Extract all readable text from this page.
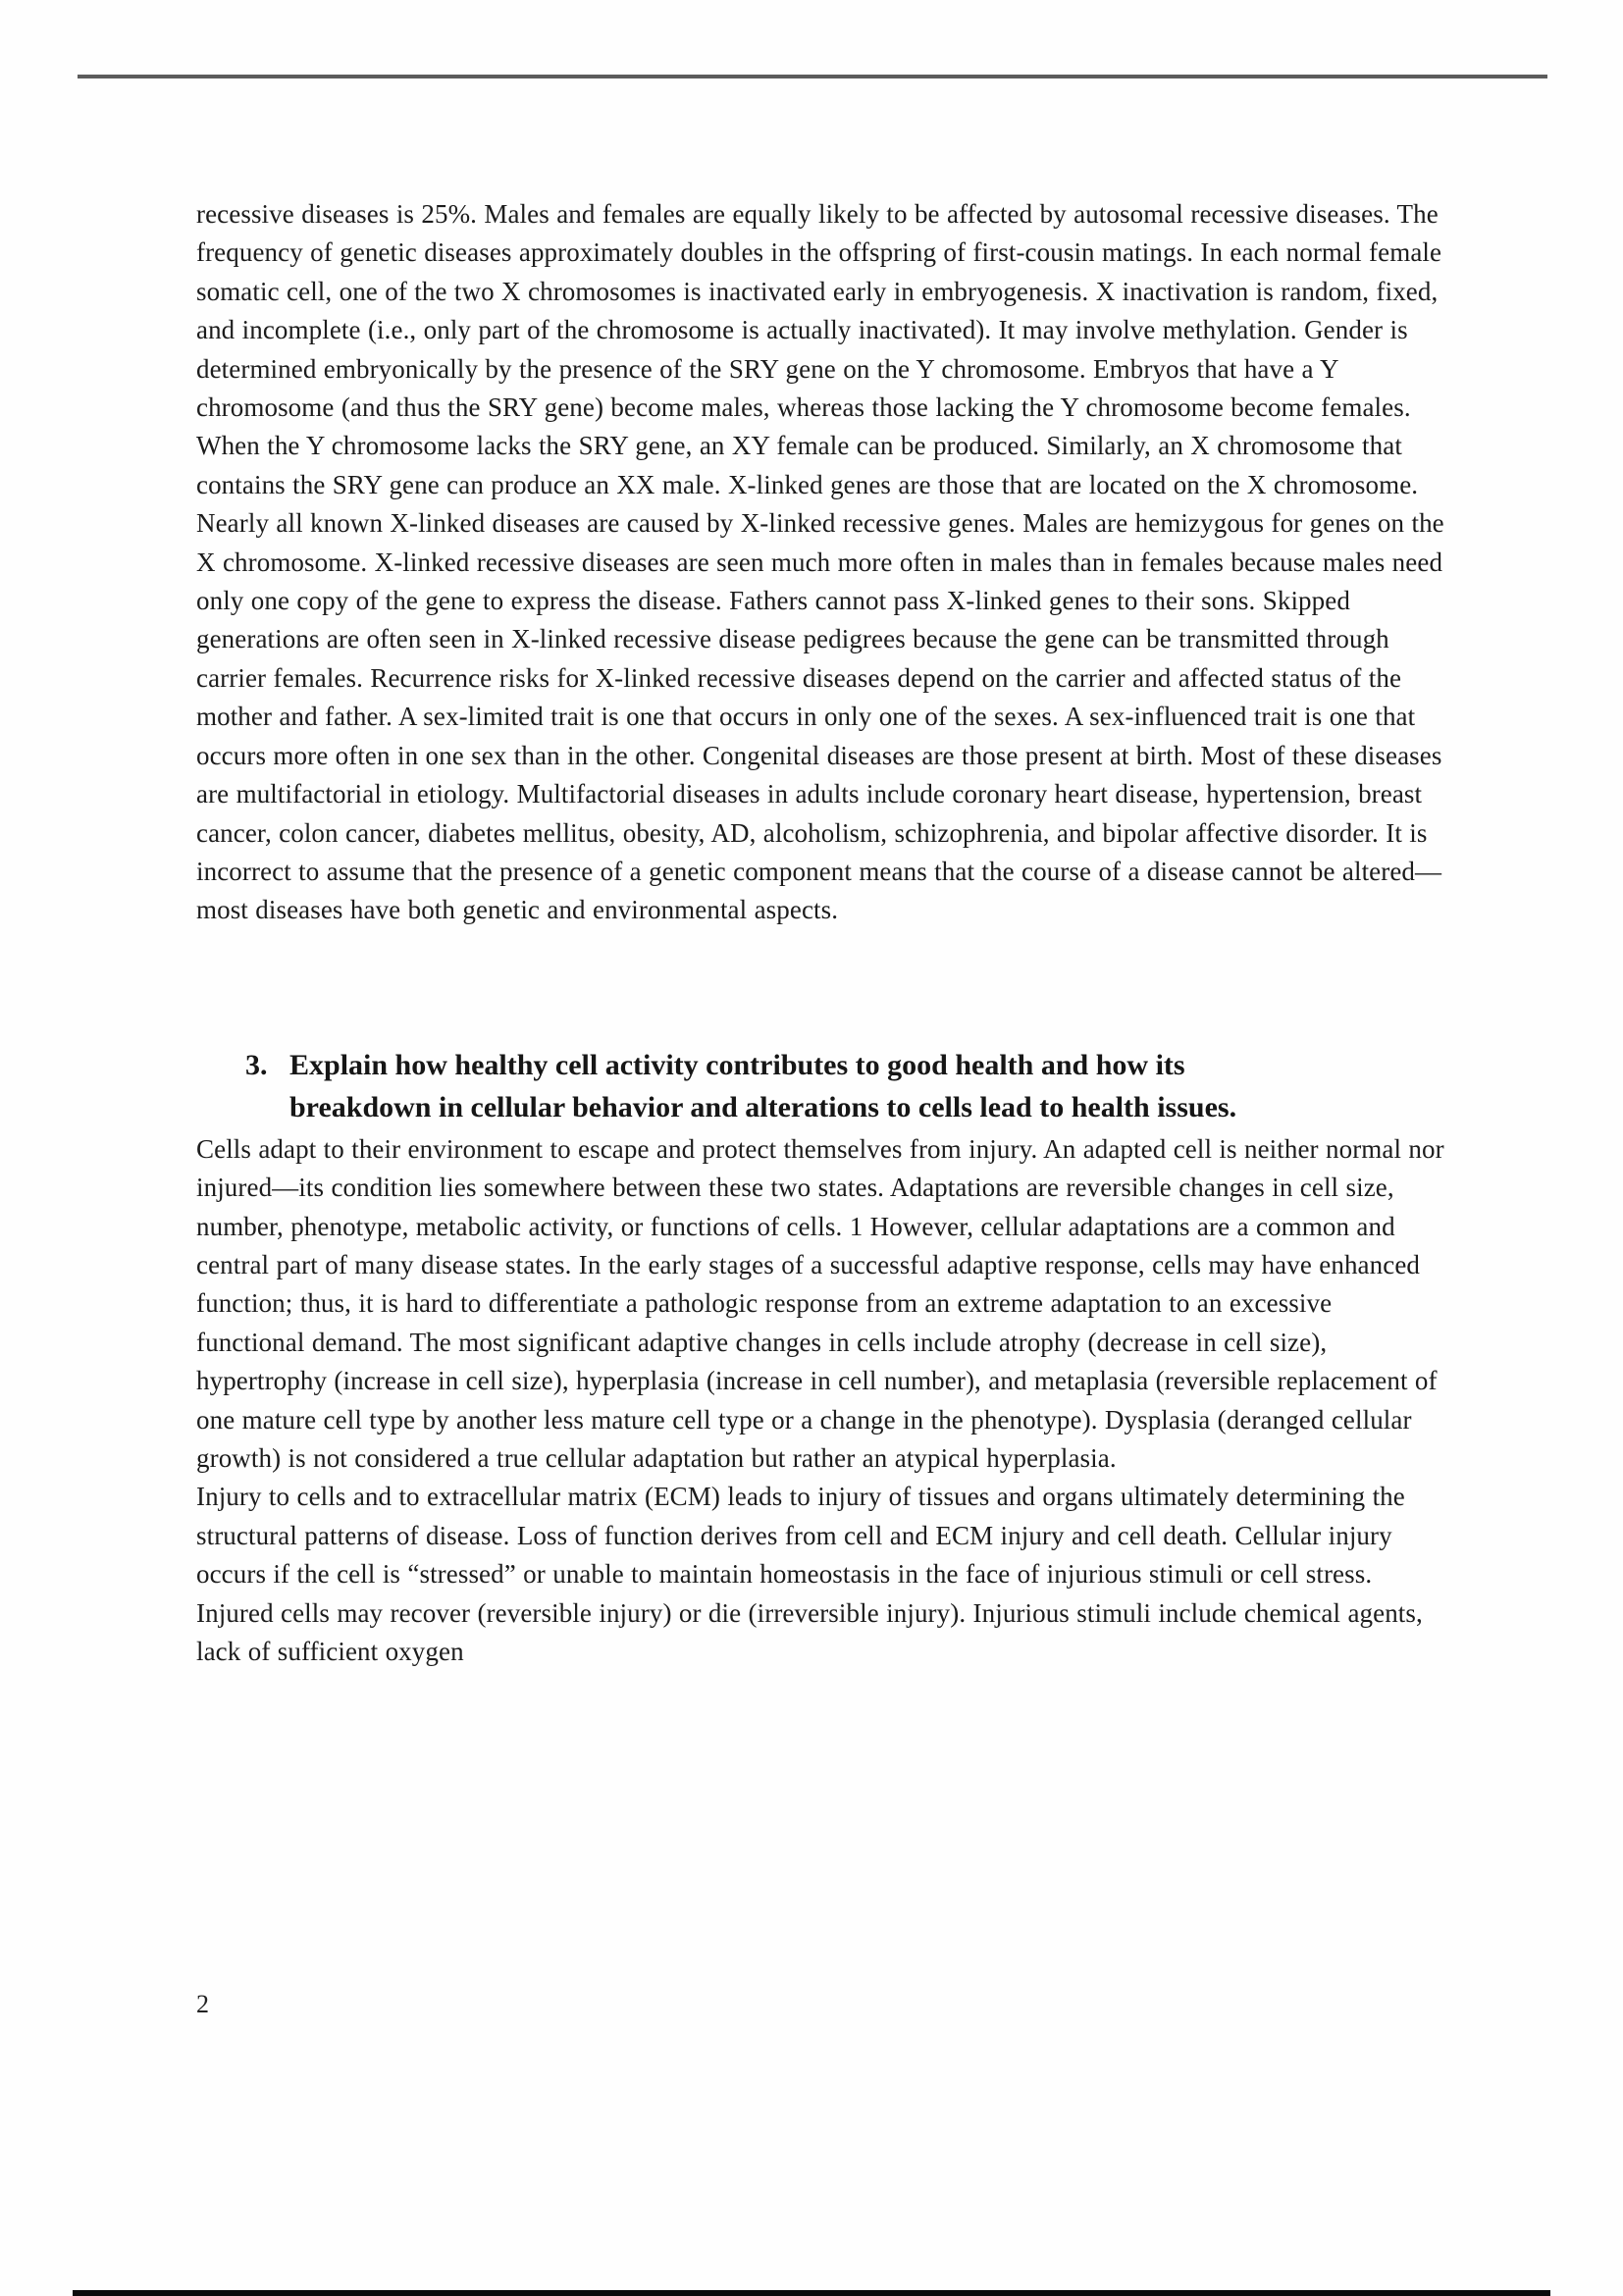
recessive diseases is 25%. Males and females are equally likely to be affected by autosomal recessive diseases. The frequency of genetic diseases approximately doubles in the offspring of first-cousin matings. In each normal female somatic cell, one of the two X chromosomes is inactivated early in embryogenesis. X inactivation is random, fixed, and incomplete (i.e., only part of the chromosome is actually inactivated). It may involve methylation. Gender is determined embryonically by the presence of the SRY gene on the Y chromosome. Embryos that have a Y chromosome (and thus the SRY gene) become males, whereas those lacking the Y chromosome become females. When the Y chromosome lacks the SRY gene, an XY female can be produced. Similarly, an X chromosome that contains the SRY gene can produce an XX male. X-linked genes are those that are located on the X chromosome. Nearly all known X-linked diseases are caused by X-linked recessive genes. Males are hemizygous for genes on the X chromosome. X-linked recessive diseases are seen much more often in males than in females because males need only one copy of the gene to express the disease. Fathers cannot pass X-linked genes to their sons. Skipped generations are often seen in X-linked recessive disease pedigrees because the gene can be transmitted through carrier females. Recurrence risks for X-linked recessive diseases depend on the carrier and affected status of the mother and father. A sex-limited trait is one that occurs in only one of the sexes. A sex-influenced trait is one that occurs more often in one sex than in the other. Congenital diseases are those present at birth. Most of these diseases are multifactorial in etiology. Multifactorial diseases in adults include coronary heart disease, hypertension, breast cancer, colon cancer, diabetes mellitus, obesity, AD, alcoholism, schizophrenia, and bipolar affective disorder. It is incorrect to assume that the presence of a genetic component means that the course of a disease cannot be altered—most diseases have both genetic and environmental aspects.

3. Explain how healthy cell activity contributes to good health and how its breakdown in cellular behavior and alterations to cells lead to health issues.

Cells adapt to their environment to escape and protect themselves from injury. An adapted cell is neither normal nor injured—its condition lies somewhere between these two states. Adaptations are reversible changes in cell size, number, phenotype, metabolic activity, or functions of cells. 1 However, cellular adaptations are a common and central part of many disease states. In the early stages of a successful adaptive response, cells may have enhanced function; thus, it is hard to differentiate a pathologic response from an extreme adaptation to an excessive functional demand. The most significant adaptive changes in cells include atrophy (decrease in cell size), hypertrophy (increase in cell size), hyperplasia (increase in cell number), and metaplasia (reversible replacement of one mature cell type by another less mature cell type or a change in the phenotype). Dysplasia (deranged cellular growth) is not considered a true cellular adaptation but rather an atypical hyperplasia.

Injury to cells and to extracellular matrix (ECM) leads to injury of tissues and organs ultimately determining the structural patterns of disease. Loss of function derives from cell and ECM injury and cell death. Cellular injury occurs if the cell is “stressed” or unable to maintain homeostasis in the face of injurious stimuli or cell stress. Injured cells may recover (reversible injury) or die (irreversible injury). Injurious stimuli include chemical agents, lack of sufficient oxygen

2
